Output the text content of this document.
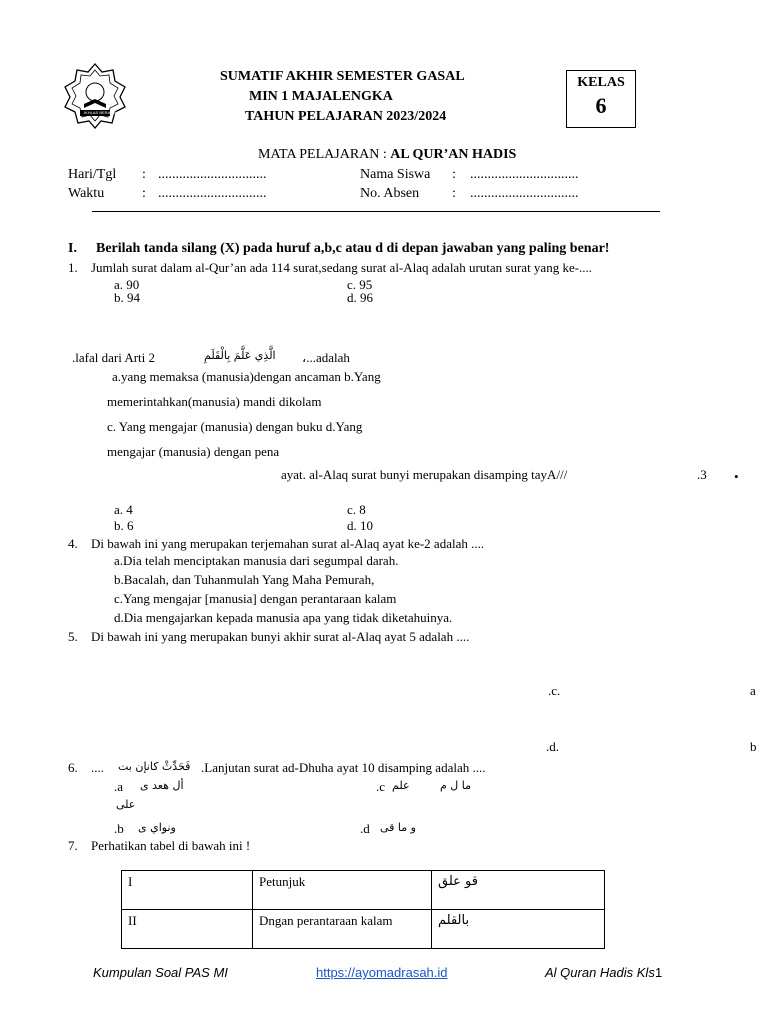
IKHLAS BERAMAL
SUMATIF AKHIR SEMESTER GASAL
MIN 1 MAJALENGKA
TAHUN PELAJARAN 2023/2024
KELAS
6
MATA PELAJARAN : AL QUR’AN HADIS
Hari/Tgl : ...............................	Nama Siswa : ...............................
Waktu	: ...............................	No. Absen : ...............................
I. Berilah tanda silang (X) pada huruf a,b,c atau d di depan jawaban yang paling benar!
1. Jumlah surat dalam al-Qur’an ada 114 surat,sedang surat al-Alaq adalah urutan surat yang ke-....
a. 90
b. 94
c. 95
d. 96
.lafal dari Arti 2	الَّذِي عَلَّمَ بِالْقَلَمِ ،...adalah
a.yang memaksa (manusia)dengan ancaman b.Yang
memerintahkan(manusia) mandi dikolam
c. Yang mengajar (manusia) dengan buku d.Yang
mengajar (manusia) dengan pena
ayat. al-Alaq surat bunyi merupakan disamping tayA///	.3 •
a. 4
b. 6
c. 8
d. 10
4. Di bawah ini yang merupakan terjemahan surat al-Alaq ayat ke-2 adalah ....
a.Dia telah menciptakan manusia dari segumpal darah.
b.Bacalah, dan Tuhanmulah Yang Maha Pemurah,
c.Yang mengajar [manusia] dengan perantaraan kalam
d.Dia mengajarkan kepada manusia apa yang tidak diketahuinya.
5. Di bawah ini yang merupakan bunyi akhir surat al-Alaq ayat 5 adalah ....
.c.	a
.d.	b
6. .... فَحَدِّثْ كانإن بت .Lanjutan surat ad-Dhuha ayat 10 disamping adalah ....
.a أل هعد ى
على
.c علم	ما ل م
.b ونواي ى	.d و ما قى
7. Perhatikan tabel di bawah ini !
I	Petunjuk	قو علق
II	Dngan perantaraan kalam	بالقلم
Kumpulan Soal PAS MI	https://ayomadrasah.id	Al Quran Hadis Kls 1
